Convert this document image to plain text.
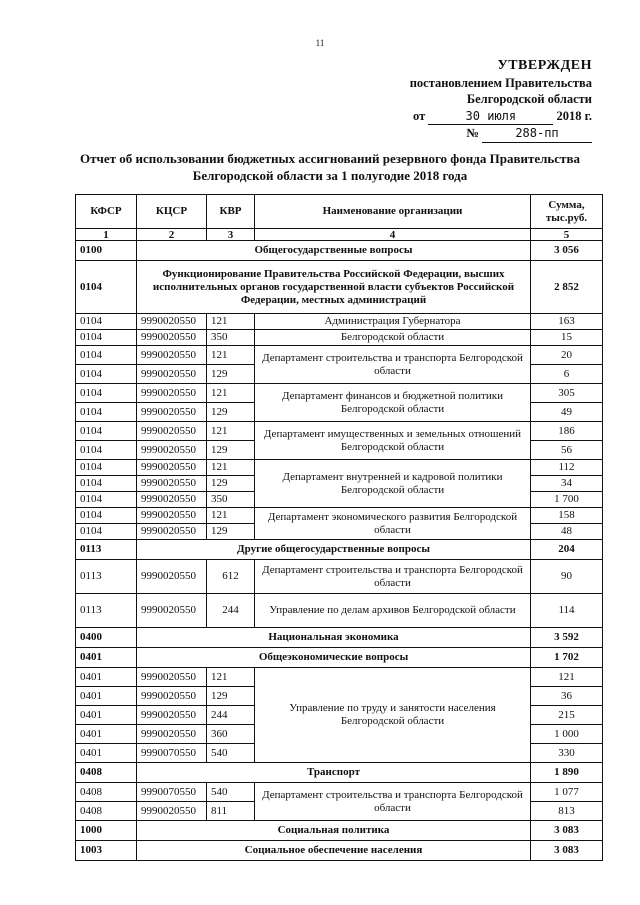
11
УТВЕРЖДЕН
постановлением Правительства
Белгородской области
от	30 июля	2018 г.
№	288-пп
Отчет об использовании бюджетных ассигнований резервного фонда Правительства
Белгородской области за 1 полугодие 2018 года
КФСР	КЦСР	КВР	Наименование организации	Сумма, тыс.руб.
1	2	3	4	5
0100	Общегосударственные вопросы			3 056
0104	Функционирование Правительства Российской Федерации, высших исполнительных органов государственной власти субъектов Российской Федерации, местных администраций			2 852
0104	9990020550	121	Администрация Губернатора	163
0104	9990020550	350	Белгородской области	15
0104	9990020550	121	Департамент строительства и транспорта Белгородской области	20
0104	9990020550	129		6
0104	9990020550	121	Департамент финансов и бюджетной политики Белгородской области	305
0104	9990020550	129		49
0104	9990020550	121	Департамент имущественных и земельных отношений Белгородской области	186
0104	9990020550	129		56
0104	9990020550	121	Департамент внутренней и кадровой политики Белгородской области	112
0104	9990020550	129		34
0104	9990020550	350		1 700
0104	9990020550	121	Департамент экономического развития Белгородской области	158
0104	9990020550	129		48
0113	Другие общегосударственные вопросы			204
0113	9990020550	612	Департамент строительства и транспорта Белгородской области	90
0113	9990020550	244	Управление по делам архивов Белгородской области	114
0400	Национальная экономика			3 592
0401	Общеэкономические вопросы			1 702
0401	9990020550	121	Управление по труду и занятости населения Белгородской области	121
0401	9990020550	129		36
0401	9990020550	244		215
0401	9990020550	360		1 000
0401	9990070550	540		330
0408	Транспорт			1 890
0408	9990070550	540	Департамент строительства и транспорта Белгородской области	1 077
0408	9990020550	811		813
1000	Социальная политика			3 083
1003	Социальное обеспечение населения			3 083
